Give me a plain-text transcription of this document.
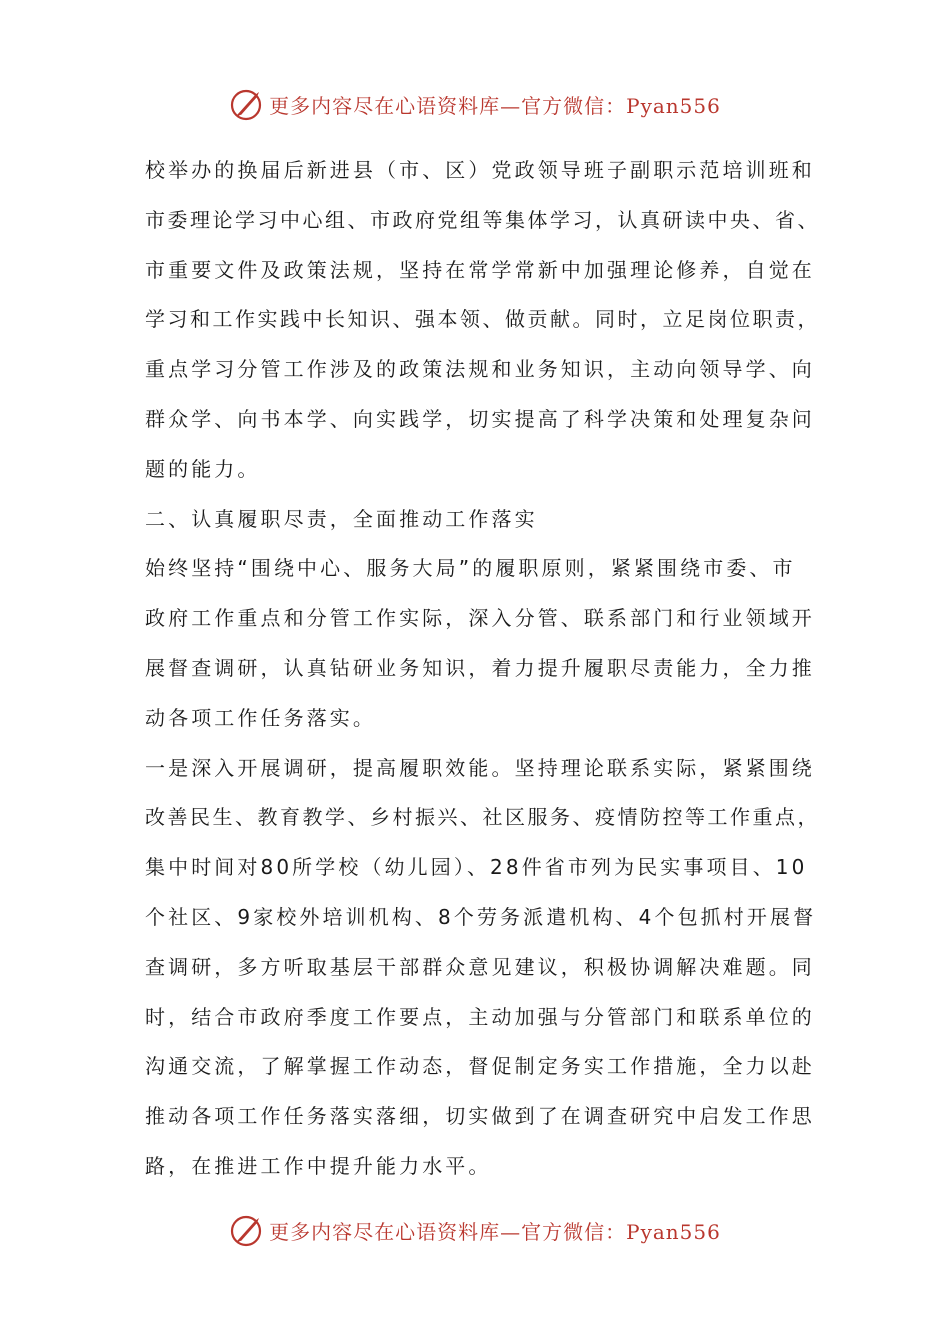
更多内容尽在心语资料库—官方微信：Pyan556
校举办的换届后新进县（市、区）党政领导班子副职示范培训班和
市委理论学习中心组、市政府党组等集体学习，认真研读中央、省、
市重要文件及政策法规，坚持在常学常新中加强理论修养，自觉在
学习和工作实践中长知识、强本领、做贡献。同时，立足岗位职责，
重点学习分管工作涉及的政策法规和业务知识，主动向领导学、向
群众学、向书本学、向实践学，切实提高了科学决策和处理复杂问
题的能力。
二、认真履职尽责，全面推动工作落实
始终坚持“围绕中心、服务大局”的履职原则，紧紧围绕市委、市
政府工作重点和分管工作实际，深入分管、联系部门和行业领域开
展督查调研，认真钻研业务知识，着力提升履职尽责能力，全力推
动各项工作任务落实。
一是深入开展调研，提高履职效能。坚持理论联系实际，紧紧围绕
改善民生、教育教学、乡村振兴、社区服务、疫情防控等工作重点，
集中时间对80所学校（幼儿园）、28件省市列为民实事项目、10
个社区、9家校外培训机构、8个劳务派遣机构、4个包抓村开展督
查调研，多方听取基层干部群众意见建议，积极协调解决难题。同
时，结合市政府季度工作要点，主动加强与分管部门和联系单位的
沟通交流，了解掌握工作动态，督促制定务实工作措施，全力以赴
推动各项工作任务落实落细，切实做到了在调查研究中启发工作思
路，在推进工作中提升能力水平。
更多内容尽在心语资料库—官方微信：Pyan556
